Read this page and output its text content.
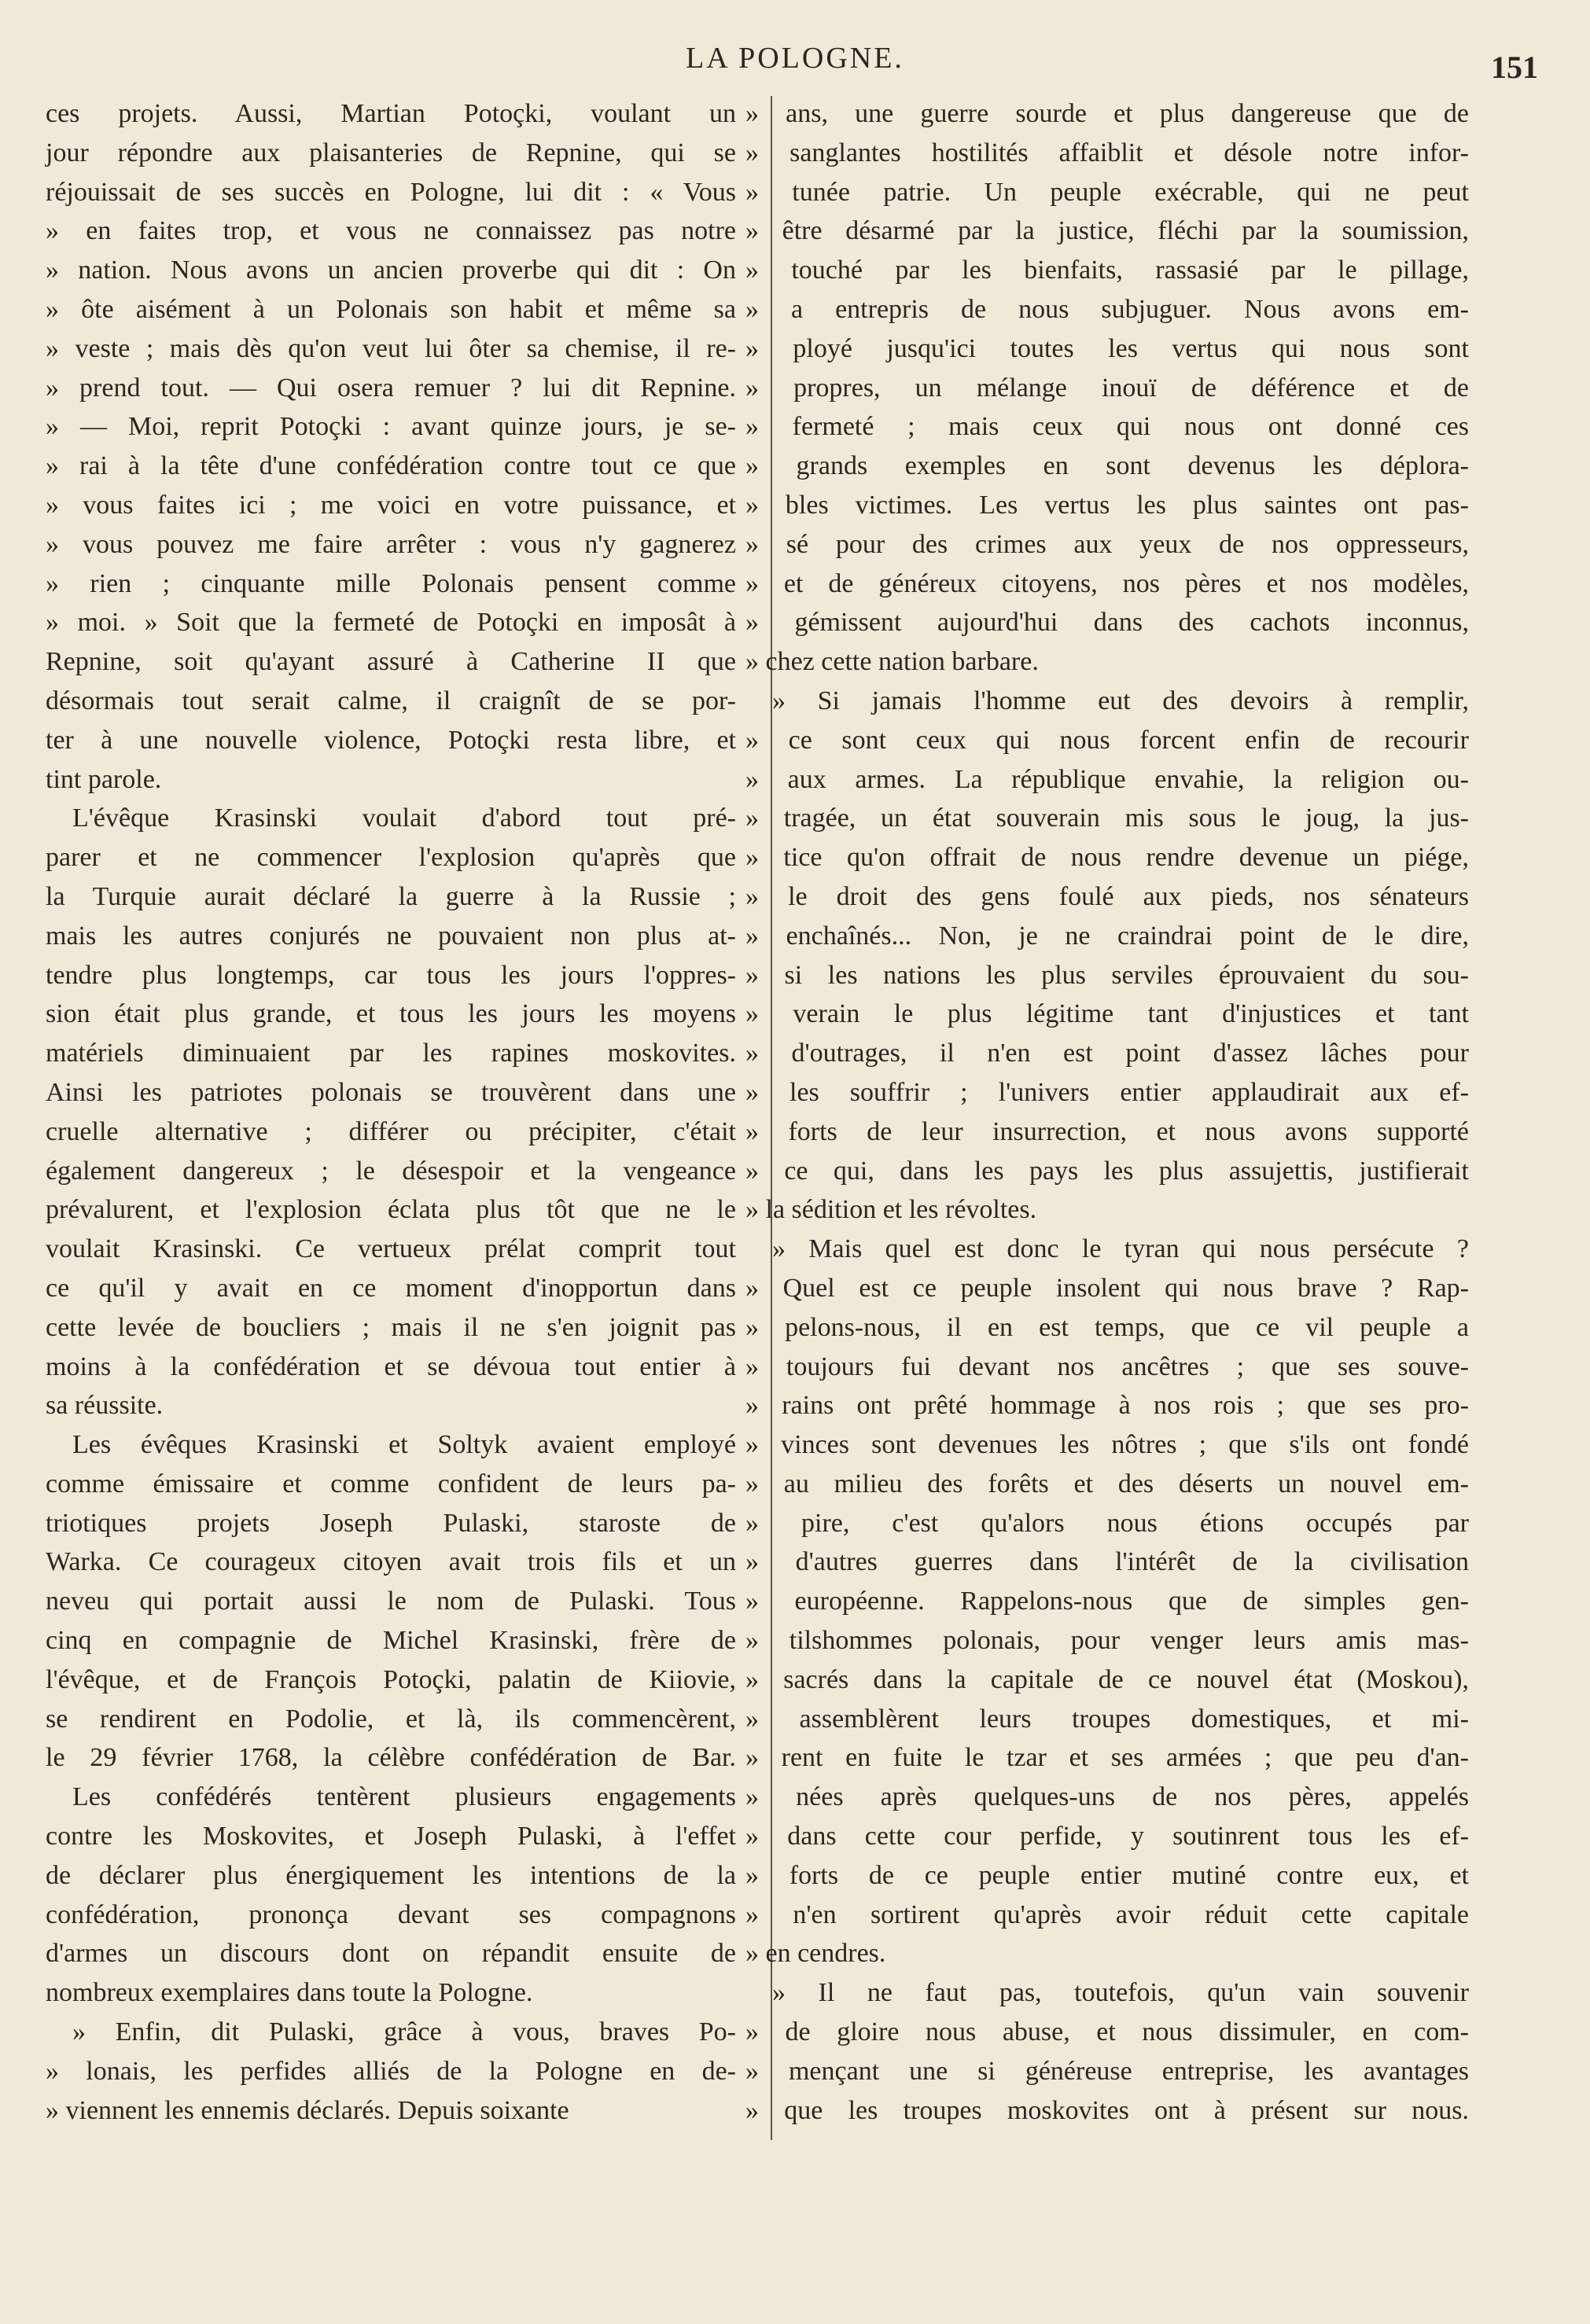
LA POLOGNE.	151
ces projets. Aussi, Martian Potoçki, voulant un
jour répondre aux plaisanteries de Repnine, qui se
réjouissait de ses succès en Pologne, lui dit : « Vous
» en faites trop, et vous ne connaissez pas notre
» nation. Nous avons un ancien proverbe qui dit : On
» ôte aisément à un Polonais son habit et même sa
» veste ; mais dès qu'on veut lui ôter sa chemise, il re-
» prend tout. — Qui osera remuer ? lui dit Repnine.
» — Moi, reprit Potoçki : avant quinze jours, je se-
» rai à la tête d'une confédération contre tout ce que
» vous faites ici ; me voici en votre puissance, et
» vous pouvez me faire arrêter : vous n'y gagnerez
» rien ; cinquante mille Polonais pensent comme
» moi. » Soit que la fermeté de Potoçki en imposât à
Repnine, soit qu'ayant assuré à Catherine II que
désormais tout serait calme, il craignît de se por-
ter à une nouvelle violence, Potoçki resta libre, et
tint parole.
L'évêque Krasinski voulait d'abord tout pré-
parer et ne commencer l'explosion qu'après que
la Turquie aurait déclaré la guerre à la Russie ;
mais les autres conjurés ne pouvaient non plus at-
tendre plus longtemps, car tous les jours l'oppres-
sion était plus grande, et tous les jours les moyens
matériels diminuaient par les rapines moskovites.
Ainsi les patriotes polonais se trouvèrent dans une
cruelle alternative ; différer ou précipiter, c'était
également dangereux ; le désespoir et la vengeance
prévalurent, et l'explosion éclata plus tôt que ne le
voulait Krasinski. Ce vertueux prélat comprit tout
ce qu'il y avait en ce moment d'inopportun dans
cette levée de boucliers ; mais il ne s'en joignit pas
moins à la confédération et se dévoua tout entier à
sa réussite.
Les évêques Krasinski et Soltyk avaient employé
comme émissaire et comme confident de leurs pa-
triotiques projets Joseph Pulaski, staroste de
Warka. Ce courageux citoyen avait trois fils et un
neveu qui portait aussi le nom de Pulaski. Tous
cinq en compagnie de Michel Krasinski, frère de
l'évêque, et de François Potoçki, palatin de Kiiovie,
se rendirent en Podolie, et là, ils commencèrent,
le 29 février 1768, la célèbre confédération de Bar.
Les confédérés tentèrent plusieurs engagements
contre les Moskovites, et Joseph Pulaski, à l'effet
de déclarer plus énergiquement les intentions de la
confédération, prononça devant ses compagnons
d'armes un discours dont on répandit ensuite de
nombreux exemplaires dans toute la Pologne.
» Enfin, dit Pulaski, grâce à vous, braves Po-
» lonais, les perfides alliés de la Pologne en de-
» viennent les ennemis déclarés. Depuis soixante
» ans, une guerre sourde et plus dangereuse que de
» sanglantes hostilités affaiblit et désole notre infor-
» tunée patrie. Un peuple exécrable, qui ne peut
» être désarmé par la justice, fléchi par la soumission,
» touché par les bienfaits, rassasié par le pillage,
» a entrepris de nous subjuguer. Nous avons em-
» ployé jusqu'ici toutes les vertus qui nous sont
» propres, un mélange inouï de déférence et de
» fermeté ; mais ceux qui nous ont donné ces
» grands exemples en sont devenus les déplora-
» bles victimes. Les vertus les plus saintes ont pas-
» sé pour des crimes aux yeux de nos oppresseurs,
» et de généreux citoyens, nos pères et nos modèles,
» gémissent aujourd'hui dans des cachots inconnus,
» chez cette nation barbare.
» Si jamais l'homme eut des devoirs à remplir,
» ce sont ceux qui nous forcent enfin de recourir
» aux armes. La république envahie, la religion ou-
» tragée, un état souverain mis sous le joug, la jus-
» tice qu'on offrait de nous rendre devenue un piége,
» le droit des gens foulé aux pieds, nos sénateurs
» enchaînés... Non, je ne craindrai point de le dire,
» si les nations les plus serviles éprouvaient du sou-
» verain le plus légitime tant d'injustices et tant
» d'outrages, il n'en est point d'assez lâches pour
» les souffrir ; l'univers entier applaudirait aux ef-
» forts de leur insurrection, et nous avons supporté
» ce qui, dans les pays les plus assujettis, justifierait
» la sédition et les révoltes.
» Mais quel est donc le tyran qui nous persécute ?
» Quel est ce peuple insolent qui nous brave ? Rap-
» pelons-nous, il en est temps, que ce vil peuple a
» toujours fui devant nos ancêtres ; que ses souve-
» rains ont prêté hommage à nos rois ; que ses pro-
» vinces sont devenues les nôtres ; que s'ils ont fondé
» au milieu des forêts et des déserts un nouvel em-
» pire, c'est qu'alors nous étions occupés par
» d'autres guerres dans l'intérêt de la civilisation
» européenne. Rappelons-nous que de simples gen-
» tilshommes polonais, pour venger leurs amis mas-
» sacrés dans la capitale de ce nouvel état (Moskou),
» assemblèrent leurs troupes domestiques, et mi-
» rent en fuite le tzar et ses armées ; que peu d'an-
» nées après quelques-uns de nos pères, appelés
» dans cette cour perfide, y soutinrent tous les ef-
» forts de ce peuple entier mutiné contre eux, et
» n'en sortirent qu'après avoir réduit cette capitale
» en cendres.
» Il ne faut pas, toutefois, qu'un vain souvenir
» de gloire nous abuse, et nous dissimuler, en com-
» mençant une si généreuse entreprise, les avantages
» que les troupes moskovites ont à présent sur nous.
